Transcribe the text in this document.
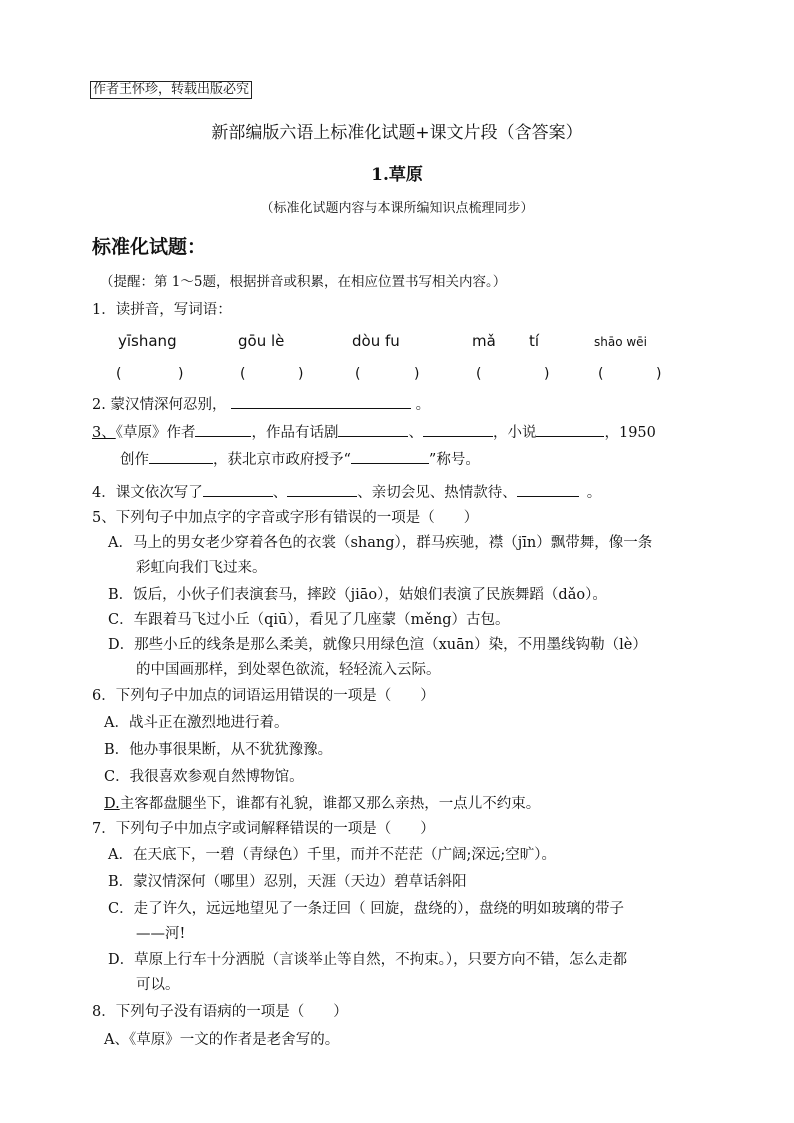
作者王怀珍，转载出版必究
新部编版六语上标准化试题+课文片段（含答案）
1.草原
（标准化试题内容与本课所编知识点梳理同步）
标准化试题：
（提醒：第 1～5题，根据拼音或积累，在相应位置书写相关内容。）
1．读拼音，写词语：
yīshang	gōu lè	dòu fu	mǎ tí	shāo wēi
(	)	(	)	(	)	(	)	(	)
2. 蒙汉情深何忍别，	。
3、《草原》作者	，作品有话剧	、	，小说	，1950
创作	，获北京市政府授予“	”称号。
4．课文依次写了	、	、亲切会见、热情款待、	。
5、下列句子中加点字的字音或字形有错误的一项是（　　）
A．马上的男女老少穿着各色的衣裳（shang），群马疾驰，襟（jīn）飘带舞，像一条
彩虹向我们飞过来。
B．饭后，小伙子们表演套马，摔跤（jiāo），姑娘们表演了民族舞蹈（dǎo）。
C．车跟着马飞过小丘（qiū），看见了几座蒙（měng）古包。
D．那些小丘的线条是那么柔美，就像只用绿色渲（xuān）染，不用墨线钩勒（lè）
的中国画那样，到处翠色欲流，轻轻流入云际。
6．下列句子中加点的词语运用错误的一项是（　　）
A．战斗正在激烈地进行着。
B．他办事很果断，从不犹犹豫豫。
C．我很喜欢参观自然博物馆。
D.主客都盘腿坐下，谁都有礼貌，谁都又那么亲热，一点儿不约束。
7．下列句子中加点字或词解释错误的一项是（　　）
A．在天底下，一碧（青绿色）千里，而并不茫茫（广阔;深远;空旷）。
B．蒙汉情深何（哪里）忍别，天涯（天边）碧草话斜阳
C．走了许久，远远地望见了一条迂回（ 回旋，盘绕的），盘绕的明如玻璃的带子
——河!
D．草原上行车十分洒脱（言谈举止等自然，不拘束。），只要方向不错，怎么走都
可以。
8．下列句子没有语病的一项是（　　）
A、《草原》一文的作者是老舍写的。
